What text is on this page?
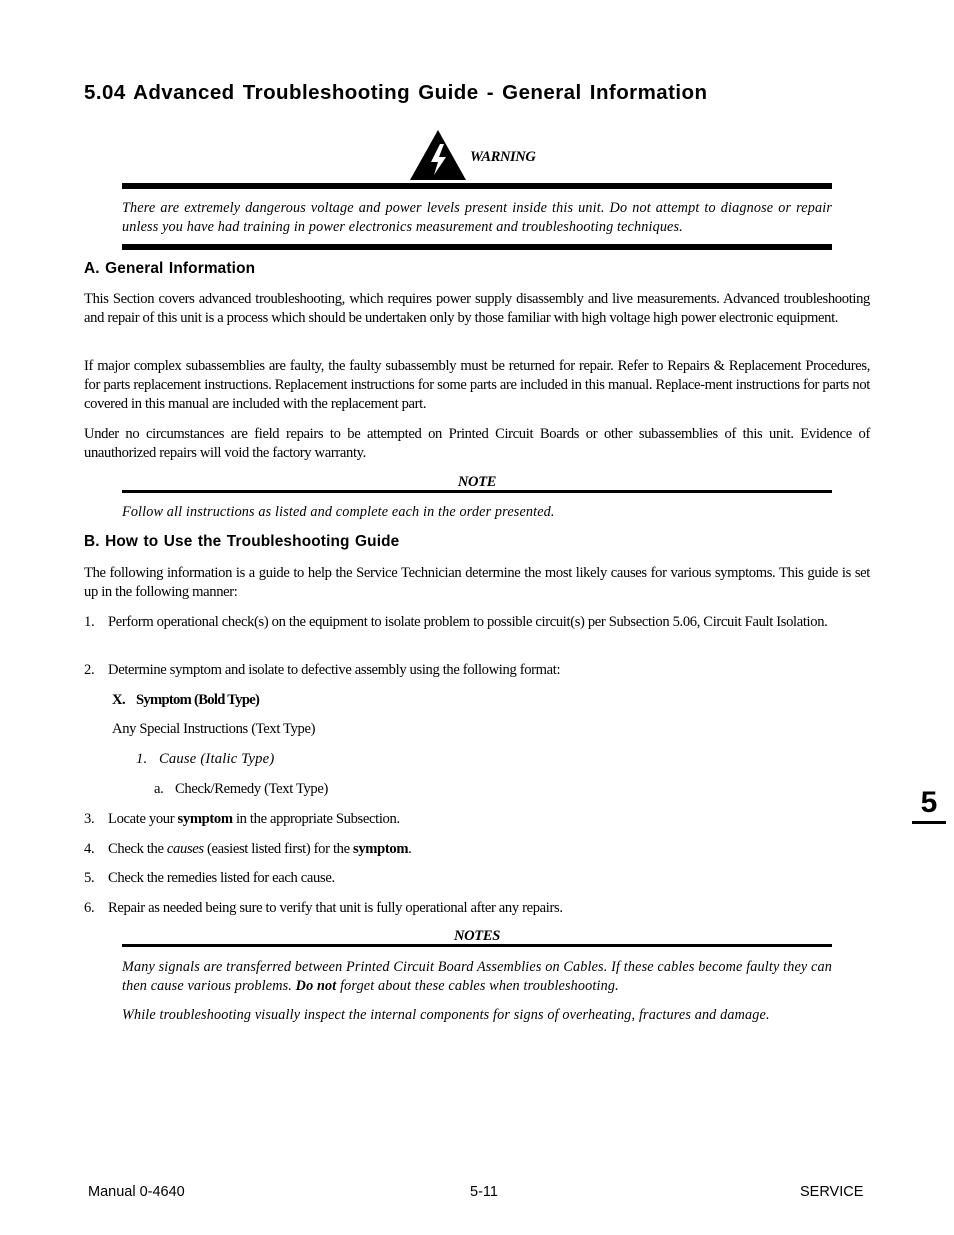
5.04 Advanced Troubleshooting Guide - General Information
WARNING
There are extremely dangerous voltage and power levels present inside this unit. Do not attempt to diagnose or repair unless you have had training in power electronics measurement and troubleshooting techniques.
A. General Information
This Section covers advanced troubleshooting, which requires power supply disassembly and live measurements. Advanced troubleshooting and repair of this unit is a process which should be undertaken only by those familiar with high voltage high power electronic equipment.
If major complex subassemblies are faulty, the faulty subassembly must be returned for repair. Refer to Repairs & Replacement Procedures, for parts replacement instructions. Replacement instructions for some parts are included in this manual. Replace-ment instructions for parts not covered in this manual are included with the replacement part.
Under no circumstances are field repairs to be attempted on Printed Circuit Boards or other subassemblies of this unit. Evidence of unauthorized repairs will void the factory warranty.
NOTE
Follow all instructions as listed and complete each in the order presented.
B. How to Use the Troubleshooting Guide
The following information is a guide to help the Service Technician determine the most likely causes for various symptoms. This guide is set up in the following manner:
1. Perform operational check(s) on the equipment to isolate problem to possible circuit(s) per Subsection 5.06, Circuit Fault Isolation.
2. Determine symptom and isolate to defective assembly using the following format:
X. Symptom (Bold Type)
Any Special Instructions (Text Type)
1. Cause (Italic Type)
a. Check/Remedy (Text Type)
3. Locate your symptom in the appropriate Subsection.
4. Check the causes (easiest listed first) for the symptom.
5. Check the remedies listed for each cause.
6. Repair as needed being sure to verify that unit is fully operational after any repairs.
NOTES
Many signals are transferred between Printed Circuit Board Assemblies on Cables. If these cables become faulty they can then cause various problems. Do not forget about these cables when troubleshooting.
While troubleshooting visually inspect the internal components for signs of overheating, fractures and damage.
5
Manual 0-4640	5-11	SERVICE
